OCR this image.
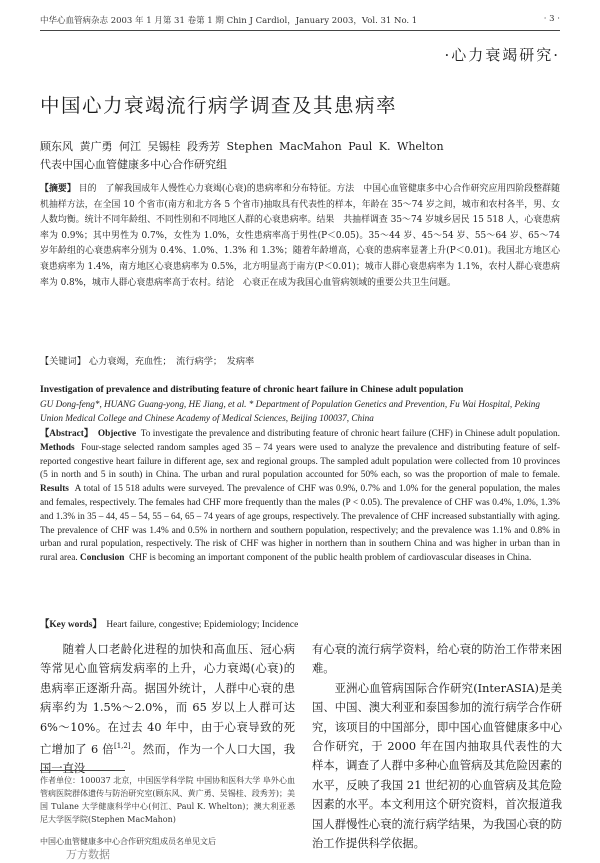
中华心血管病杂志 2003 年 1 月第 31 卷第 1 期 Chin J Cardiol，January 2003，Vol. 31 No. 1	· 3 ·
·心力衰竭研究·
中国心力衰竭流行病学调查及其患病率
顾东风 黄广勇 何江 吴锡桂 段秀芳 Stephen MacMahon Paul K. Whelton
代表中国心血管健康多中心合作研究组
【摘要】 目的　了解我国成年人慢性心力衰竭(心衰)的患病率和分布特征。方法　中国心血管健康多中心合作研究应用四阶段整群随机抽样方法，在全国 10 个省市(南方和北方各 5 个省市)抽取具有代表性的样本，年龄在 35～74 岁之间，城市和农村各半，男、女人数均衡。统计不同年龄组、不同性别和不同地区人群的心衰患病率。结果　共抽样调查 35～74 岁城乡居民 15 518 人，心衰患病率为 0.9%；其中男性为 0.7%，女性为 1.0%，女性患病率高于男性(P＜0.05)。35～44 岁、45～54 岁、55～64 岁、65～74 岁年龄组的心衰患病率分别为 0.4%、1.0%、1.3% 和 1.3%；随着年龄增高，心衰的患病率显著上升(P＜0.01)。我国北方地区心衰患病率为 1.4%，南方地区心衰患病率为 0.5%，北方明显高于南方(P＜0.01)；城市人群心衰患病率为 1.1%，农村人群心衰患病率为 0.8%，城市人群心衰患病率高于农村。结论　心衰正在成为我国心血管病领域的重要公共卫生问题。
【关键词】 心力衰竭，充血性；　流行病学；　发病率
Investigation of prevalence and distributing feature of chronic heart failure in Chinese adult population
GU Dong-feng*, HUANG Guang-yong, HE Jiang, et al. * Department of Population Genetics and Prevention, Fu Wai Hospital, Peking Union Medical College and Chinese Academy of Medical Sciences, Beijing 100037, China
【Abstract】 Objective To investigate the prevalence and distributing feature of chronic heart failure (CHF) in Chinese adult population. Methods Four-stage selected random samples aged 35 – 74 years were used to analyze the prevalence and distributing feature of self-reported congestive heart failure in different age, sex and regional groups. The sampled adult population were collected from 10 provinces (5 in north and 5 in south) in China. The urban and rural population accounted for 50% each, so was the proportion of male to female. Results A total of 15 518 adults were surveyed. The prevalence of CHF was 0.9%, 0.7% and 1.0% for the general population, the males and females, respectively. The females had CHF more frequently than the males (P < 0.05). The prevalence of CHF was 0.4%, 1.0%, 1.3% and 1.3% in 35 – 44, 45 – 54, 55 – 64, 65 – 74 years of age groups, respectively. The prevalence of CHF increased substantially with aging. The prevalence of CHF was 1.4% and 0.5% in northern and southern population, respectively; and the prevalence was 1.1% and 0.8% in urban and rural population, respectively. The risk of CHF was higher in northern than in southern China and was higher in urban than in rural area. Conclusion CHF is becoming an important component of the public health problem of cardiovascular diseases in China.
【Key words】 Heart failure, congestive; Epidemiology; Incidence
随着人口老龄化进程的加快和高血压、冠心病等常见心血管病发病率的上升，心力衰竭(心衰)的患病率正逐渐升高。据国外统计，人群中心衰的患病率约为 1.5%～2.0%，而 65 岁以上人群可达 6%～10%。在过去 40 年中，由于心衰导致的死亡增加了 6 倍[1,2]。然而，作为一个人口大国，我国一直没

有心衰的流行病学资料，给心衰的防治工作带来困难。

亚洲心血管病国际合作研究(InterASIA)是美国、中国、澳大利亚和泰国参加的流行病学合作研究，该项目的中国部分，即中国心血管健康多中心合作研究，于 2000 年在国内抽取具代表性的大样本，调查了人群中多种心血管病及其危险因素的水平，反映了我国 21 世纪初的心血管病及其危险因素的水平。本文利用这个研究资料，首次报道我国人群慢性心衰的流行病学结果，为我国心衰的防治工作提供科学依据。

作者单位：100037 北京，中国医学科学院 中国协和医科大学 阜外心血管病医院群体遗传与防治研究室(顾东风、黄广勇、吴锡桂、段秀芳)；美国 Tulane 大学健康科学中心(何江、Paul K. Whelton)；澳大利亚悉尼大学医学院(Stephen MacMahon)
中国心血管健康多中心合作研究组成员名单见文后
万方数据
